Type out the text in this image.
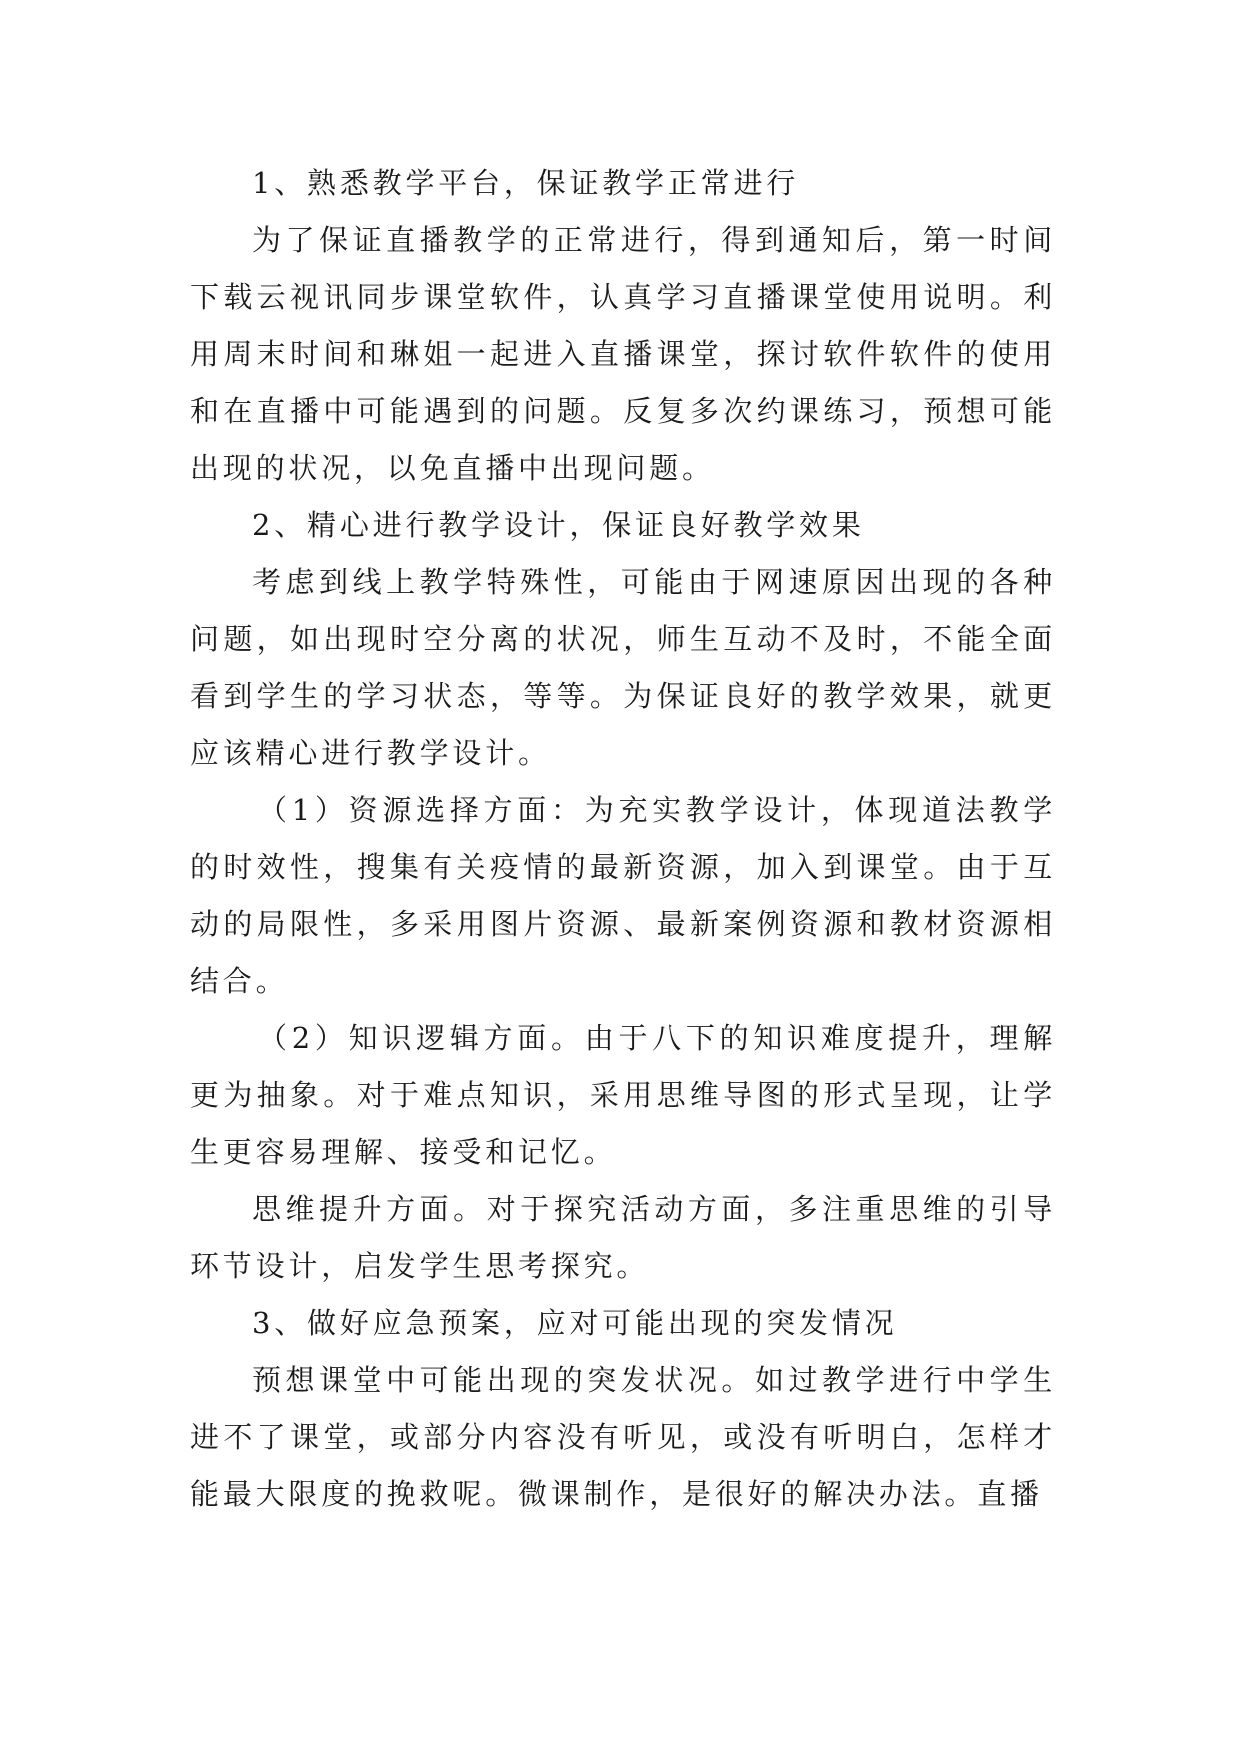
1、熟悉教学平台，保证教学正常进行

为了保证直播教学的正常进行，得到通知后，第一时间下载云视讯同步课堂软件，认真学习直播课堂使用说明。利用周末时间和琳姐一起进入直播课堂，探讨软件软件的使用和在直播中可能遇到的问题。反复多次约课练习，预想可能出现的状况，以免直播中出现问题。

2、精心进行教学设计，保证良好教学效果

考虑到线上教学特殊性，可能由于网速原因出现的各种问题，如出现时空分离的状况，师生互动不及时，不能全面看到学生的学习状态，等等。为保证良好的教学效果，就更应该精心进行教学设计。

（1）资源选择方面：为充实教学设计，体现道法教学的时效性，搜集有关疫情的最新资源，加入到课堂。由于互动的局限性，多采用图片资源、最新案例资源和教材资源相结合。

（2）知识逻辑方面。由于八下的知识难度提升，理解更为抽象。对于难点知识，采用思维导图的形式呈现，让学生更容易理解、接受和记忆。

思维提升方面。对于探究活动方面，多注重思维的引导环节设计，启发学生思考探究。

3、做好应急预案，应对可能出现的突发情况

预想课堂中可能出现的突发状况。如过教学进行中学生进不了课堂，或部分内容没有听见，或没有听明白，怎样才能最大限度的挽救呢。微课制作，是很好的解决办法。直播
